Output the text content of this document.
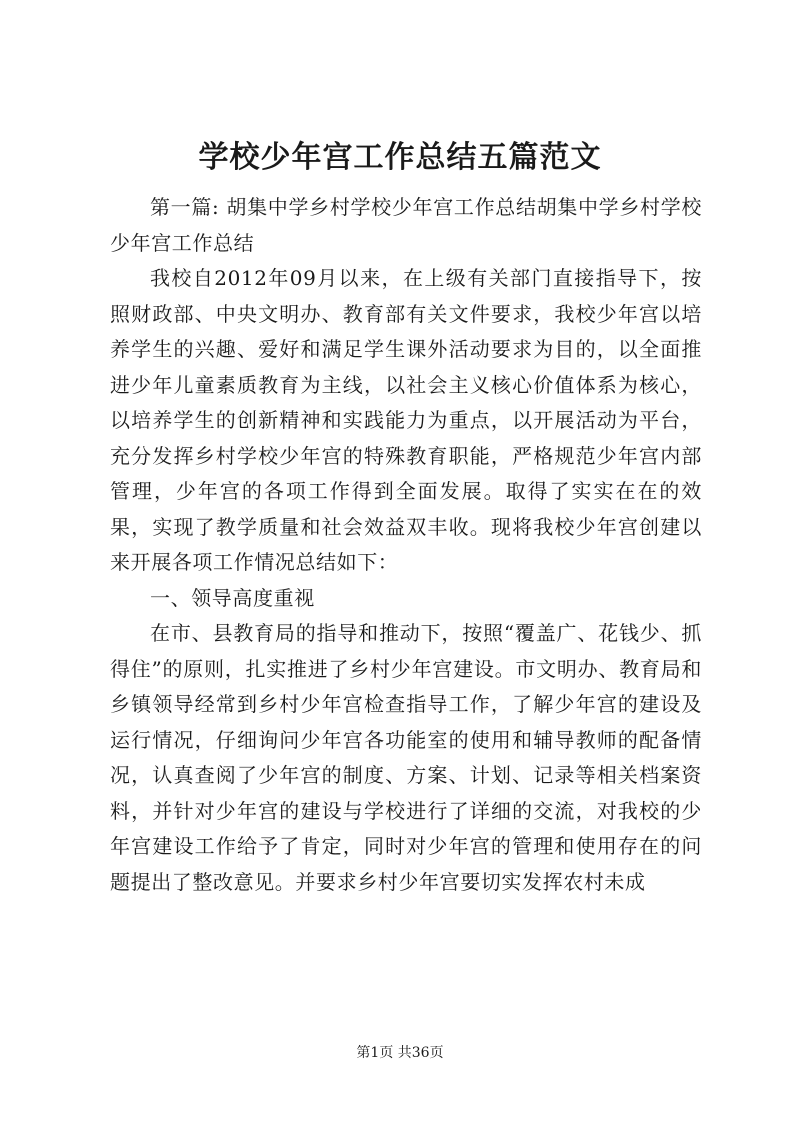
学校少年宫工作总结五篇范文

第一篇: 胡集中学乡村学校少年宫工作总结胡集中学乡村学校少年宫工作总结

我校自2012年09月以来，在上级有关部门直接指导下，按照财政部、中央文明办、教育部有关文件要求，我校少年宫以培养学生的兴趣、爱好和满足学生课外活动要求为目的，以全面推进少年儿童素质教育为主线，以社会主义核心价值体系为核心，以培养学生的创新精神和实践能力为重点，以开展活动为平台，充分发挥乡村学校少年宫的特殊教育职能，严格规范少年宫内部管理，少年宫的各项工作得到全面发展。取得了实实在在的效果，实现了教学质量和社会效益双丰收。现将我校少年宫创建以来开展各项工作情况总结如下：

一、领导高度重视

在市、县教育局的指导和推动下，按照“覆盖广、花钱少、抓得住”的原则，扎实推进了乡村少年宫建设。市文明办、教育局和乡镇领导经常到乡村少年宫检查指导工作，了解少年宫的建设及运行情况，仔细询问少年宫各功能室的使用和辅导教师的配备情况，认真查阅了少年宫的制度、方案、计划、记录等相关档案资料，并针对少年宫的建设与学校进行了详细的交流，对我校的少年宫建设工作给予了肯定，同时对少年宫的管理和使用存在的问题提出了整改意见。并要求乡村少年宫要切实发挥农村未成

第1页 共36页
